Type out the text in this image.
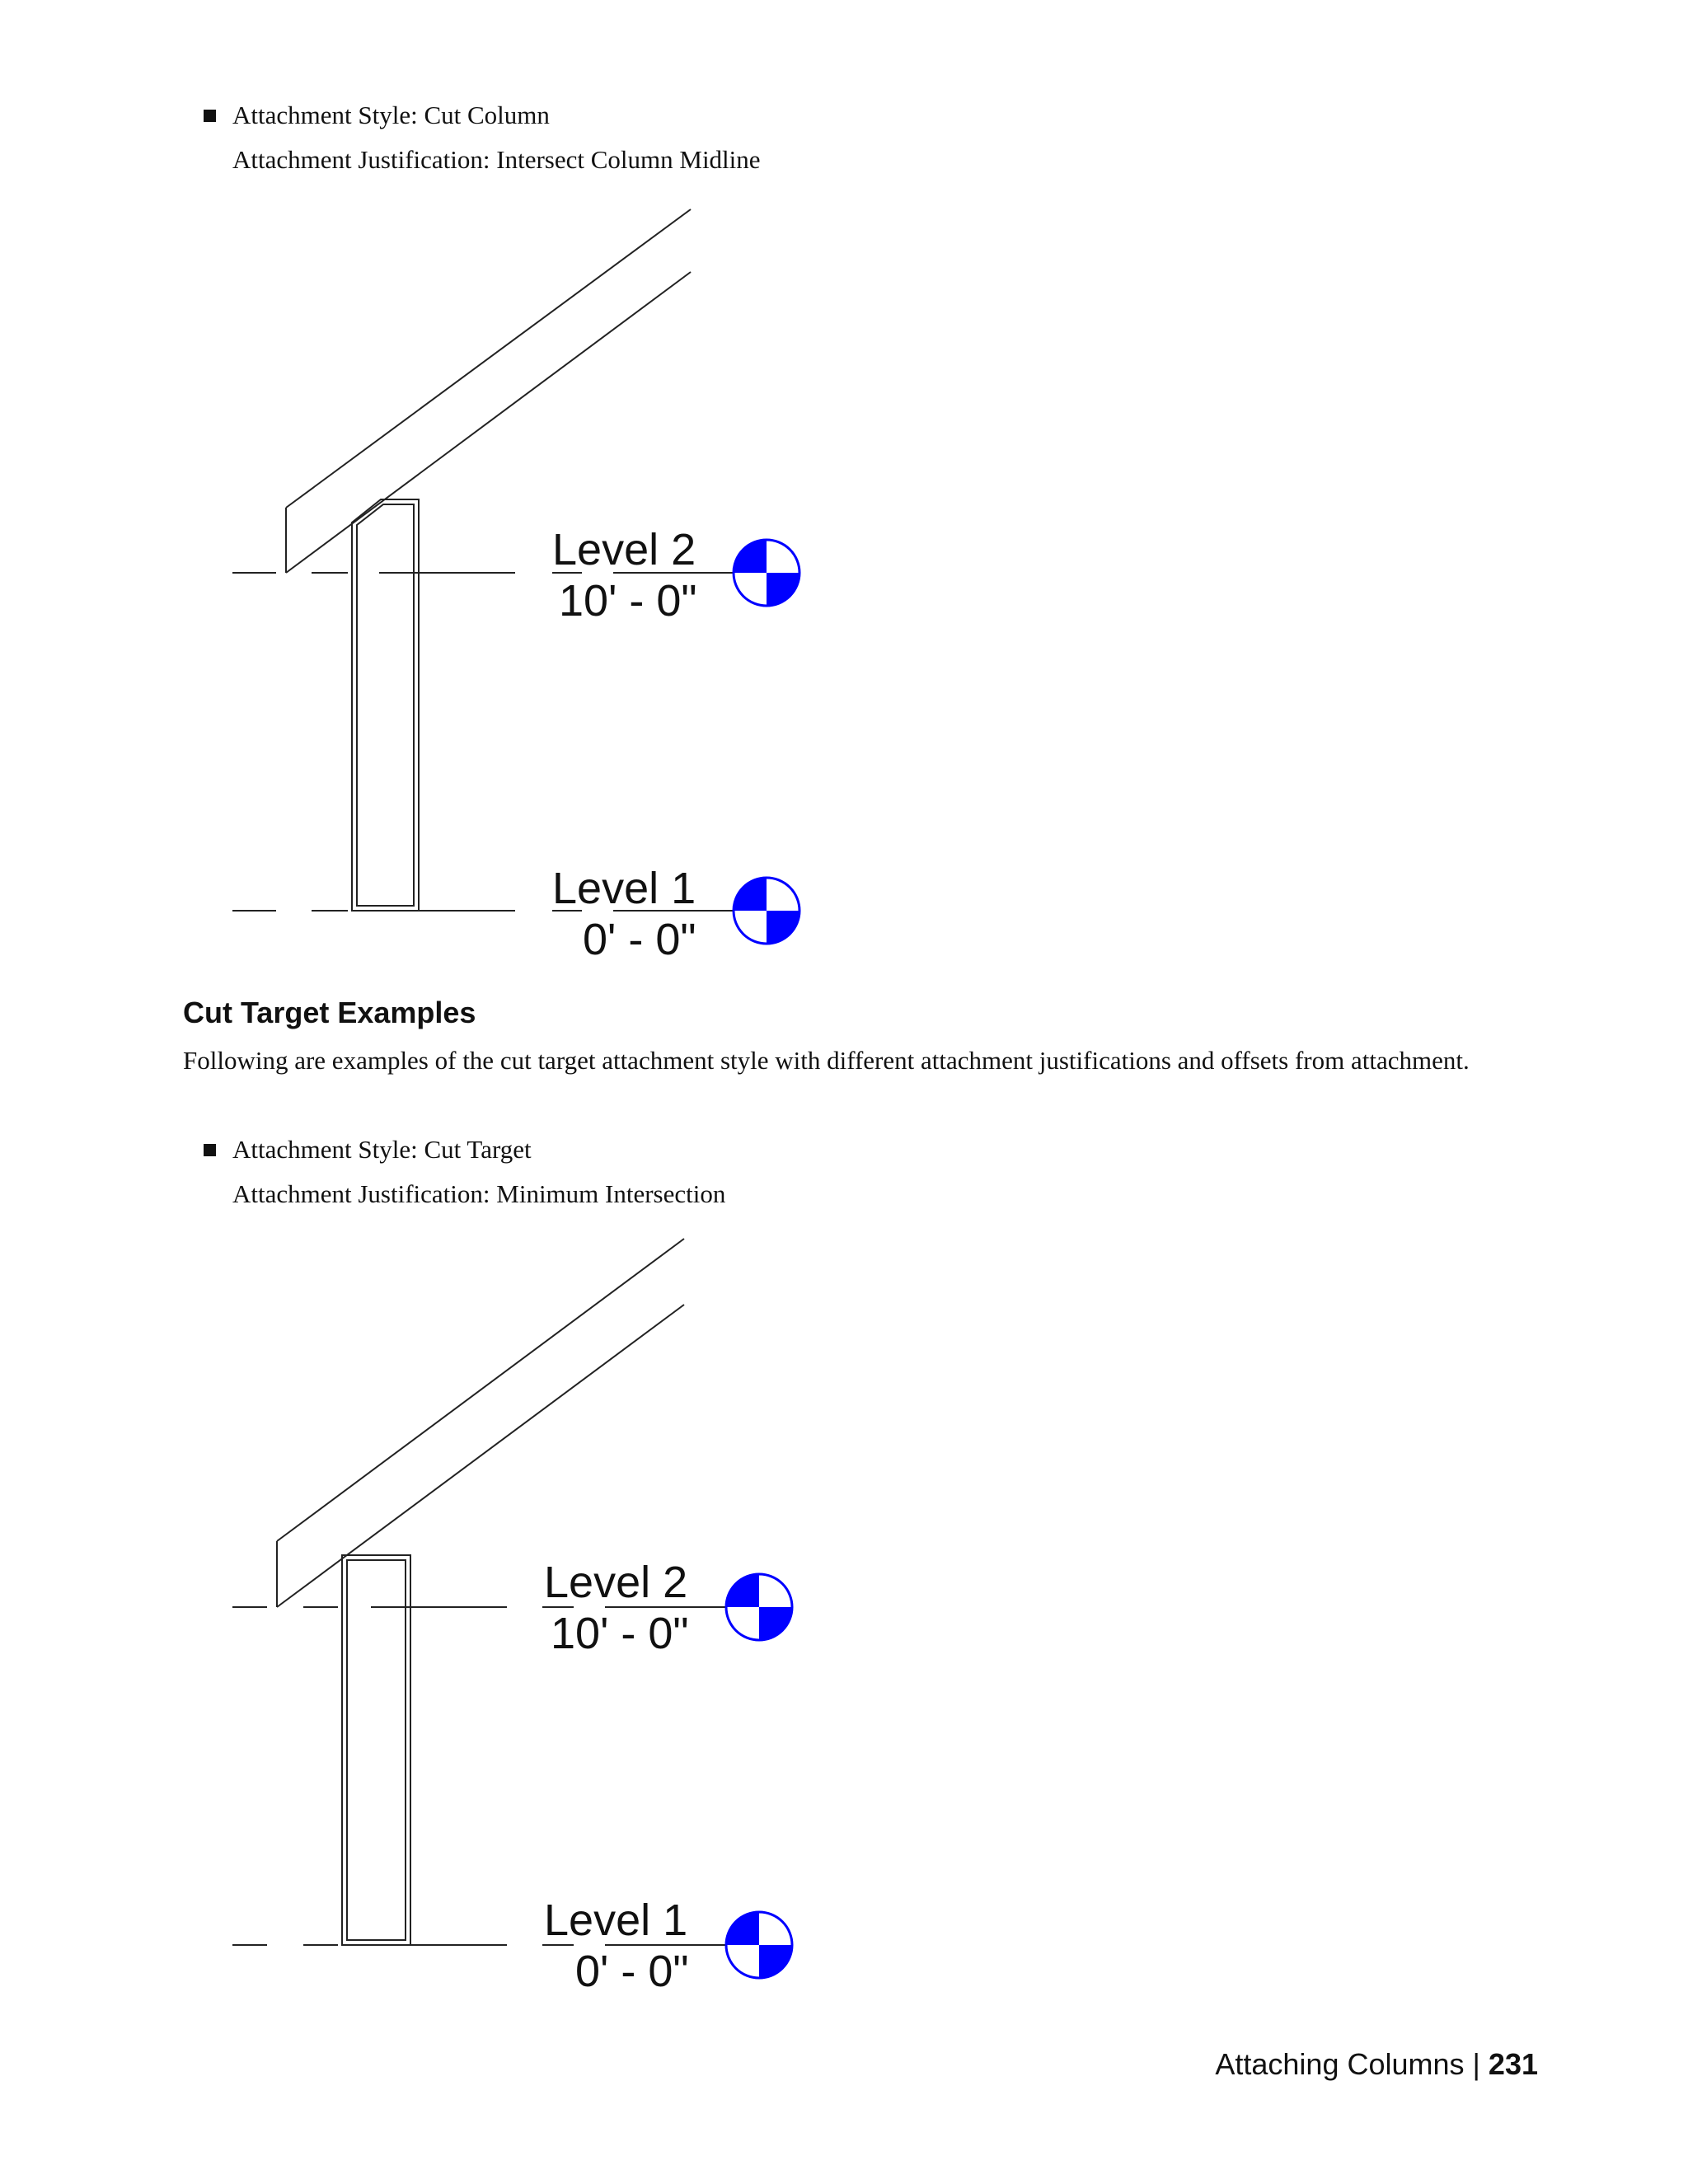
Attachment Style: Cut Column
Attachment Justification: Intersect Column Midline
Level 2
10' - 0"
Level 1
0' - 0"
Cut Target Examples
Following are examples of the cut target attachment style with different attachment justifications and offsets from attachment.
Attachment Style: Cut Target
Attachment Justification: Minimum Intersection
Level 2
10' - 0"
Level 1
0' - 0"
Attaching Columns | 231
